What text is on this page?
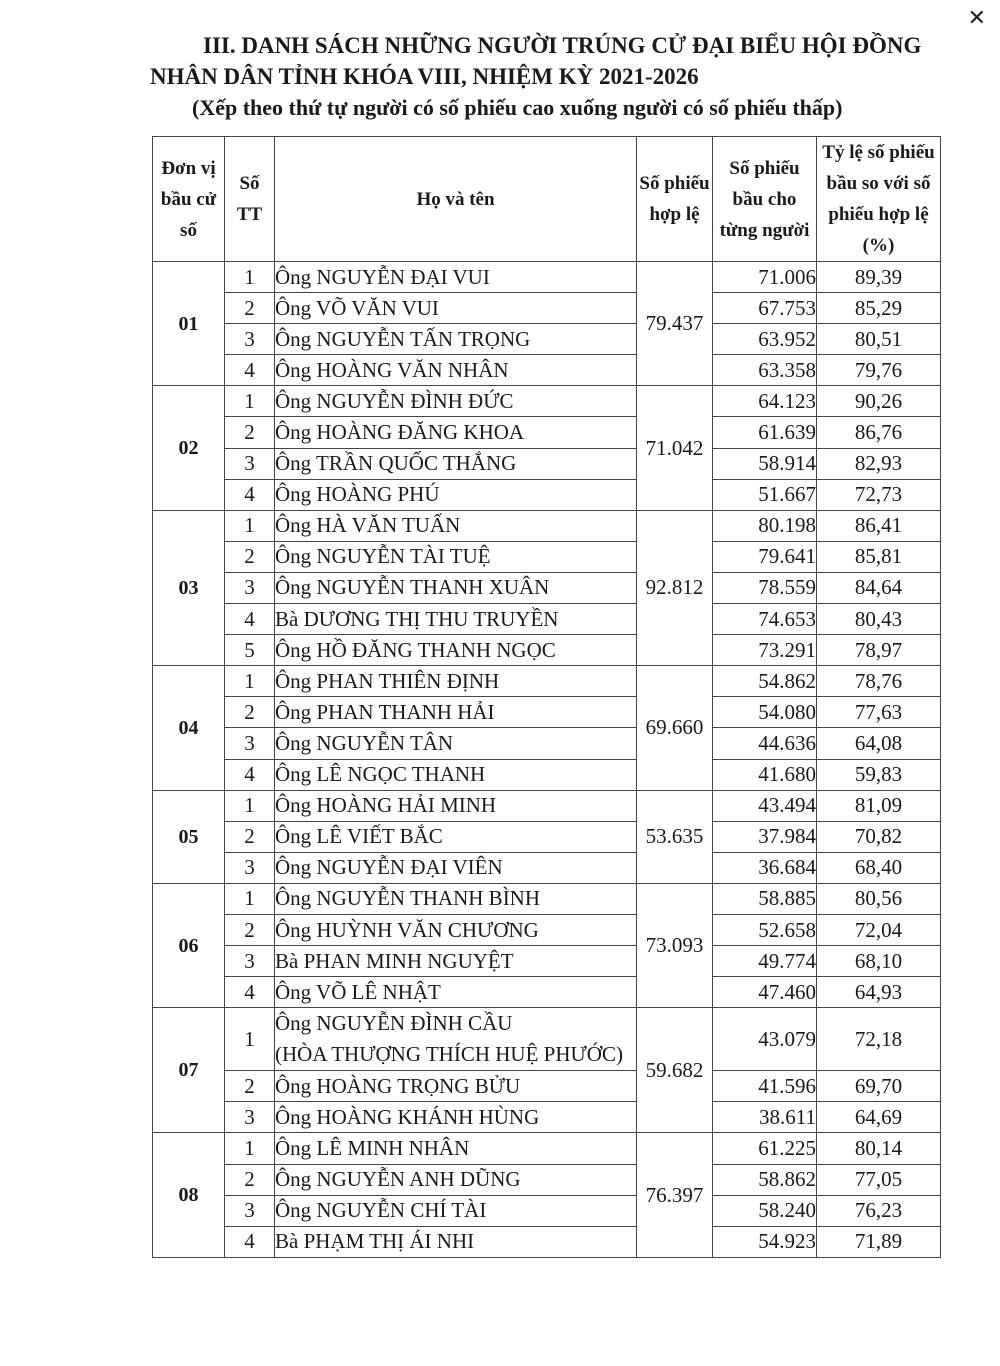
✕
III. DANH SÁCH NHỮNG NGƯỜI TRÚNG CỬ ĐẠI BIỂU HỘI ĐỒNG
NHÂN DÂN TỈNH KHÓA VIII, NHIỆM KỲ 2021-2026
(Xếp theo thứ tự người có số phiếu cao xuống người có số phiếu thấp)
Đơn vị bầu cử số	Số TT	Họ và tên	Số phiếu hợp lệ	Số phiếu bầu cho từng người	Tỷ lệ số phiếu bầu so với số phiếu hợp lệ (%)
01	1	Ông NGUYỄN ĐẠI VUI	79.437	71.006	89,39
	2	Ông VÕ VĂN VUI		67.753	85,29
	3	Ông NGUYỄN TẤN TRỌNG		63.952	80,51
	4	Ông HOÀNG VĂN NHÂN		63.358	79,76
02	1	Ông NGUYỄN ĐÌNH ĐỨC	71.042	64.123	90,26
	2	Ông HOÀNG ĐĂNG KHOA		61.639	86,76
	3	Ông TRẦN QUỐC THẮNG		58.914	82,93
	4	Ông HOÀNG PHÚ		51.667	72,73
03	1	Ông HÀ VĂN TUẤN	92.812	80.198	86,41
	2	Ông NGUYỄN TÀI TUỆ		79.641	85,81
	3	Ông NGUYỄN THANH XUÂN		78.559	84,64
	4	Bà DƯƠNG THỊ THU TRUYỀN		74.653	80,43
	5	Ông HỒ ĐĂNG THANH NGỌC		73.291	78,97
04	1	Ông PHAN THIÊN ĐỊNH	69.660	54.862	78,76
	2	Ông PHAN THANH HẢI		54.080	77,63
	3	Ông NGUYỄN TÂN		44.636	64,08
	4	Ông LÊ NGỌC THANH		41.680	59,83
05	1	Ông HOÀNG HẢI MINH	53.635	43.494	81,09
	2	Ông LÊ VIẾT BẮC		37.984	70,82
	3	Ông NGUYỄN ĐẠI VIÊN		36.684	68,40
06	1	Ông NGUYỄN THANH BÌNH	73.093	58.885	80,56
	2	Ông HUỲNH VĂN CHƯƠNG		52.658	72,04
	3	Bà PHAN MINH NGUYỆT		49.774	68,10
	4	Ông VÕ LÊ NHẬT		47.460	64,93
07	1	Ông NGUYỄN ĐÌNH CẦU
(HÒA THƯỢNG THÍCH HUỆ PHƯỚC)	59.682	43.079	72,18
	2	Ông HOÀNG TRỌNG BỬU		41.596	69,70
	3	Ông HOÀNG KHÁNH HÙNG		38.611	64,69
08	1	Ông LÊ MINH NHÂN	76.397	61.225	80,14
	2	Ông NGUYỄN ANH DŨNG		58.862	77,05
	3	Ông NGUYỄN CHÍ TÀI		58.240	76,23
	4	Bà PHẠM THỊ ÁI NHI		54.923	71,89
